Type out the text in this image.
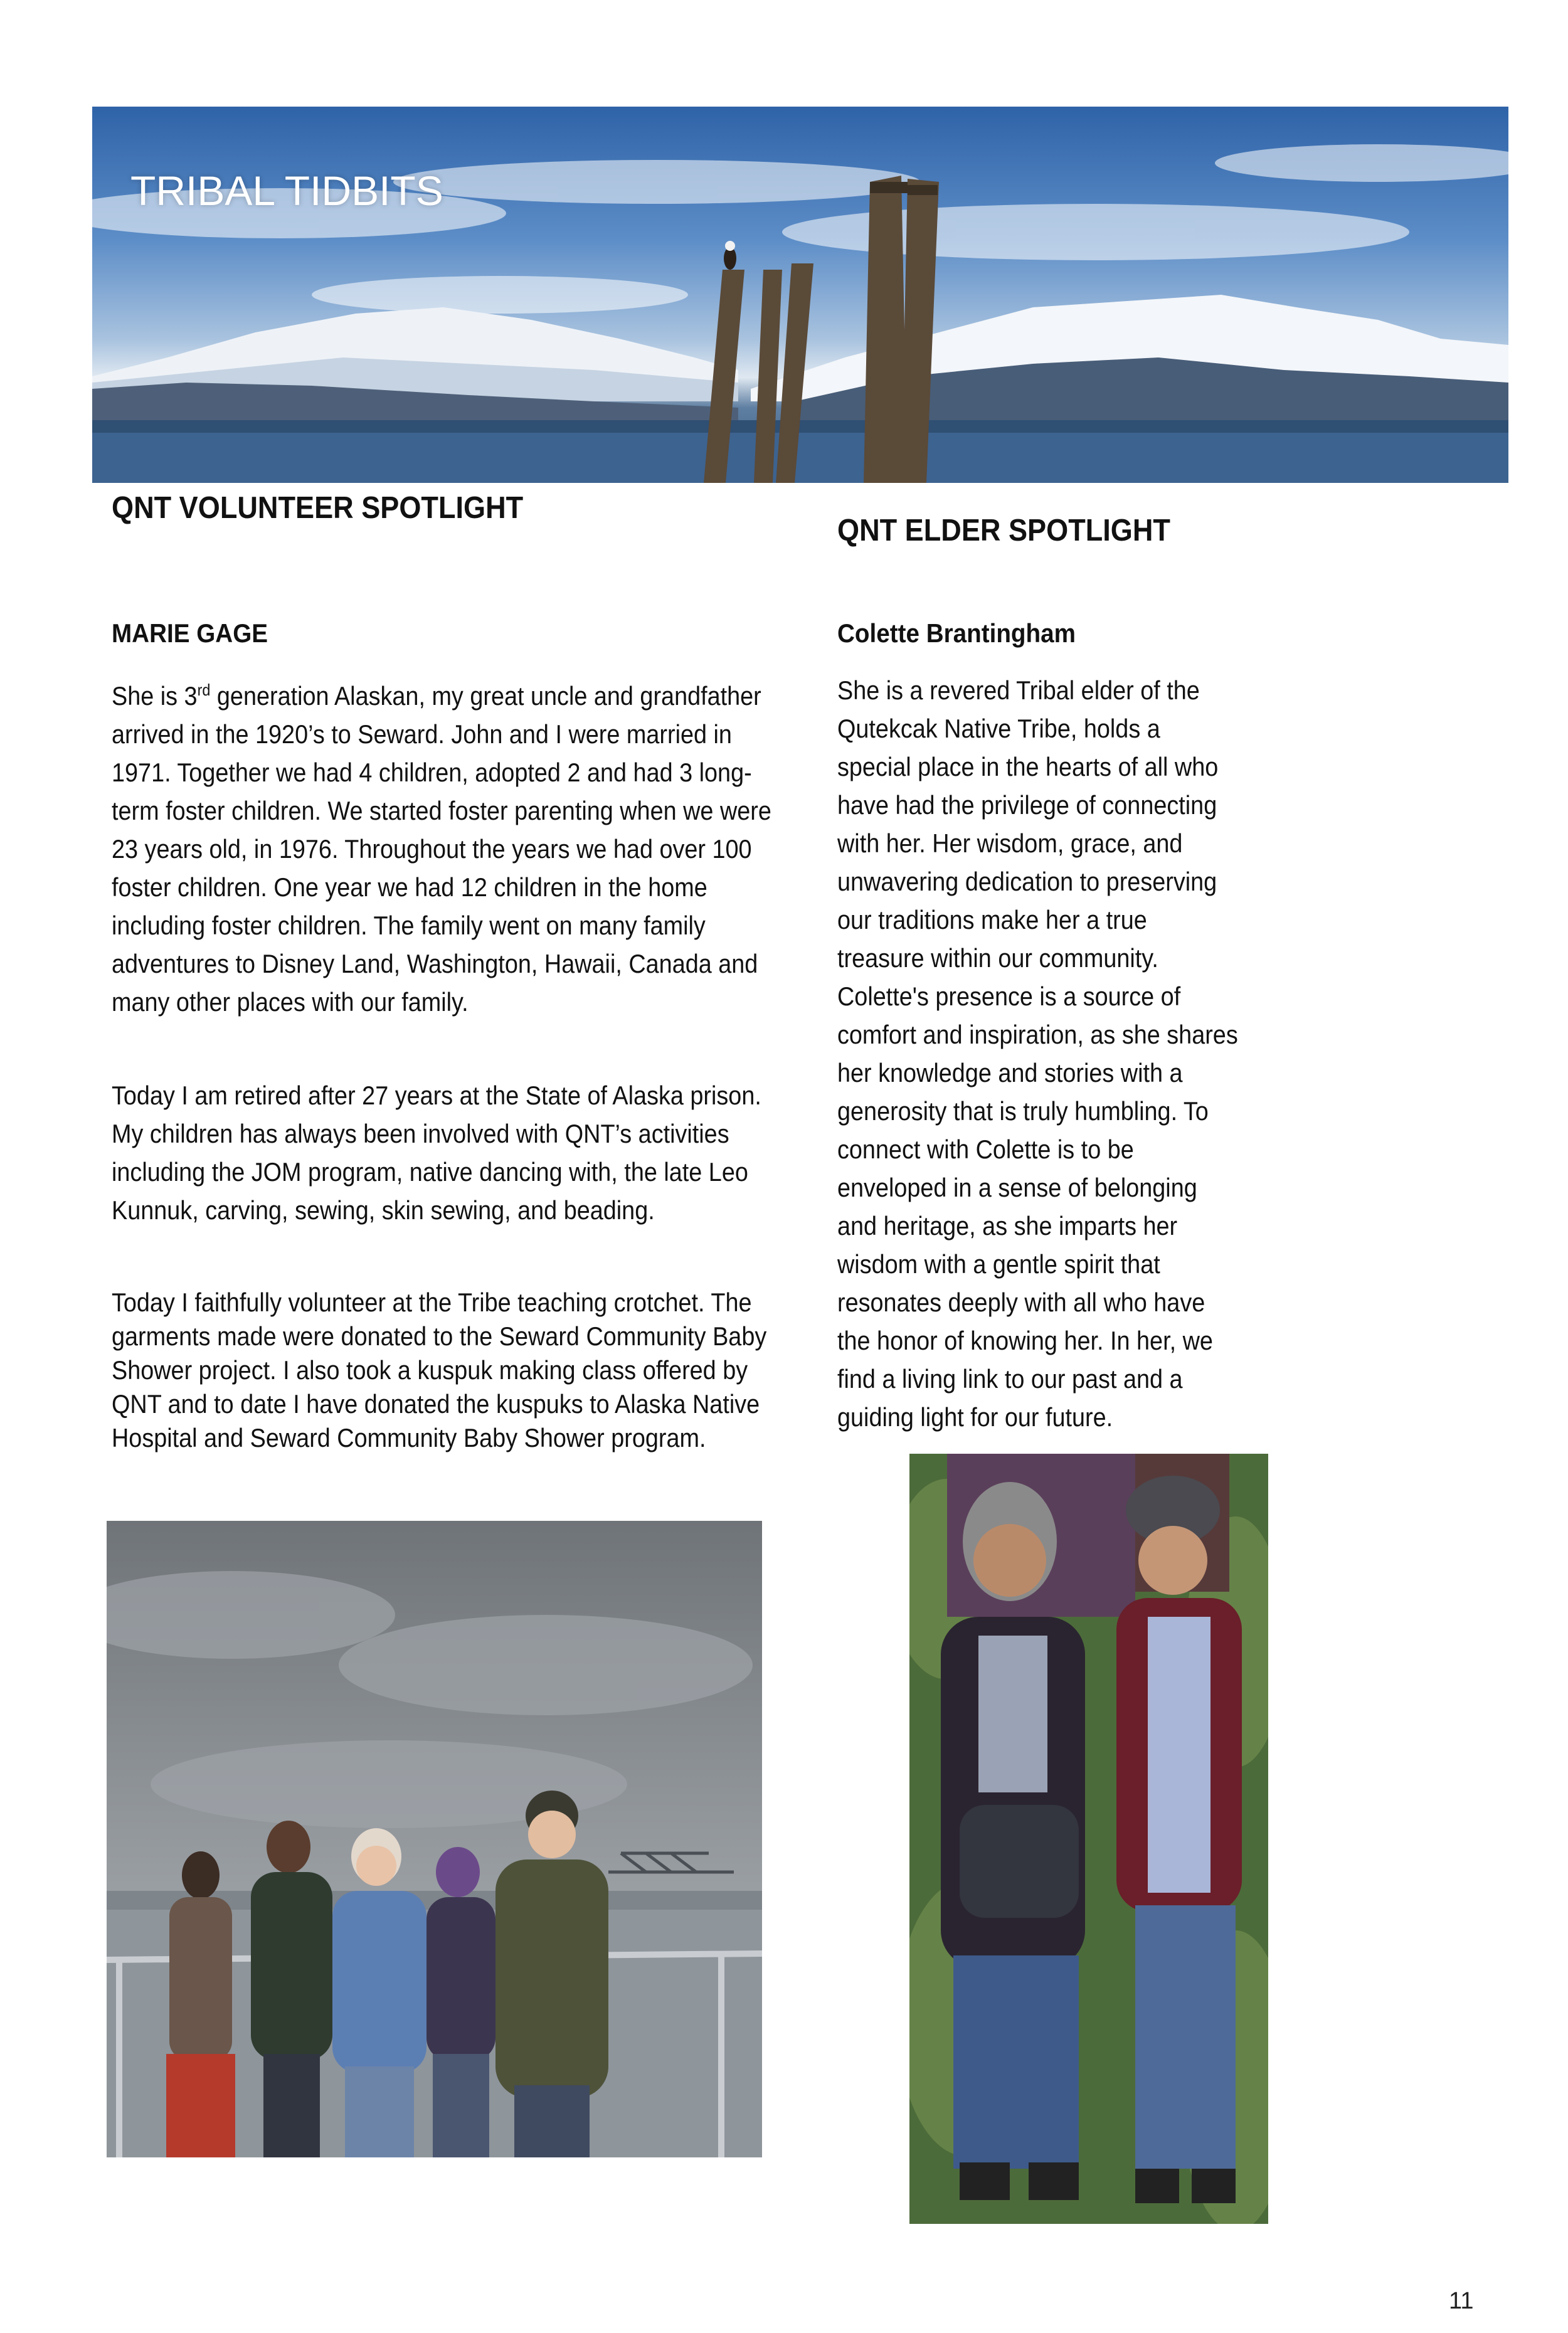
TRIBAL TIDBITS
QNT VOLUNTEER SPOTLIGHT
MARIE GAGE

She is 3rd generation Alaskan, my great uncle and grandfather arrived in the 1920’s to Seward. John and I were married in 1971. Together we had 4 children, adopted 2 and had 3 long-term foster children. We started foster parenting when we were 23 years old, in 1976. Throughout the years we had over 100 foster children. One year we had 12 children in the home including foster children. The family went on many family adventures to Disney Land, Washington, Hawaii, Canada and many other places with our family.

Today I am retired after 27 years at the State of Alaska prison. My children has always been involved with QNT’s activities including the JOM program, native dancing with, the late Leo Kunnuk, carving, sewing, skin sewing, and beading.

Today I faithfully volunteer at the Tribe teaching crotchet. The garments made were donated to the Seward Community Baby Shower project. I also took a kuspuk making class offered by QNT and to date I have donated the kuspuks to Alaska Native Hospital and Seward Community Baby Shower program.

QNT ELDER SPOTLIGHT
Colette Brantingham

She is a revered Tribal elder of the Qutekcak Native Tribe, holds a special place in the hearts of all who have had the privilege of connecting with her. Her wisdom, grace, and unwavering dedication to preserving our traditions make her a true treasure within our community. Colette's presence is a source of comfort and inspiration, as she shares her knowledge and stories with a generosity that is truly humbling. To connect with Colette is to be enveloped in a sense of belonging and heritage, as she imparts her wisdom with a gentle spirit that resonates deeply with all who have the honor of knowing her. In her, we find a living link to our past and a guiding light for our future.

11
